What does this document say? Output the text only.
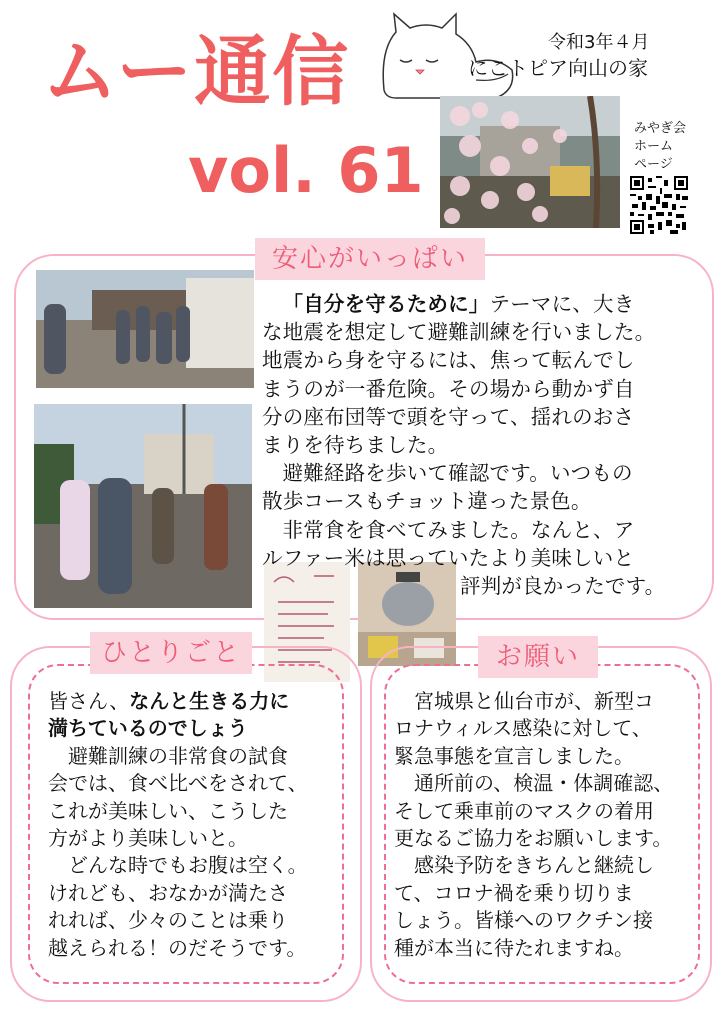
ムー通信
vol. 61
令和3年４月
にこトピア向山の家
みやぎ会
ホーム
ページ
安心がいっぱい

「自分を守るために」テーマに、大き

な地震を想定して避難訓練を行いました。

地震から身を守るには、焦って転んでし

まうのが一番危険。その場から動かず自

分の座布団等で頭を守って、揺れのおさ

まりを待ちました。

避難経路を歩いて確認です。いつもの

散歩コースもチョット違った景色。

非常食を食べてみました。なんと、ア

ルファー米は思っていたより美味しいと

評判が良かったです。

ひとりごと

皆さん、なんと生きる力に

満ちているのでしょう

避難訓練の非常食の試食

会では、食べ比べをされて、

これが美味しい、こうした

方がより美味しいと。

どんな時でもお腹は空く。

けれども、おなかが満たさ

れれば、少々のことは乗り

越えられる！のだそうです。

お願い

宮城県と仙台市が、新型コ

ロナウィルス感染に対して、

緊急事態を宣言しました。

通所前の、検温・体調確認、

そして乗車前のマスクの着用

更なるご協力をお願いします。

感染予防をきちんと継続し

て、コロナ禍を乗り切りま

しょう。皆様へのワクチン接

種が本当に待たれますね。
